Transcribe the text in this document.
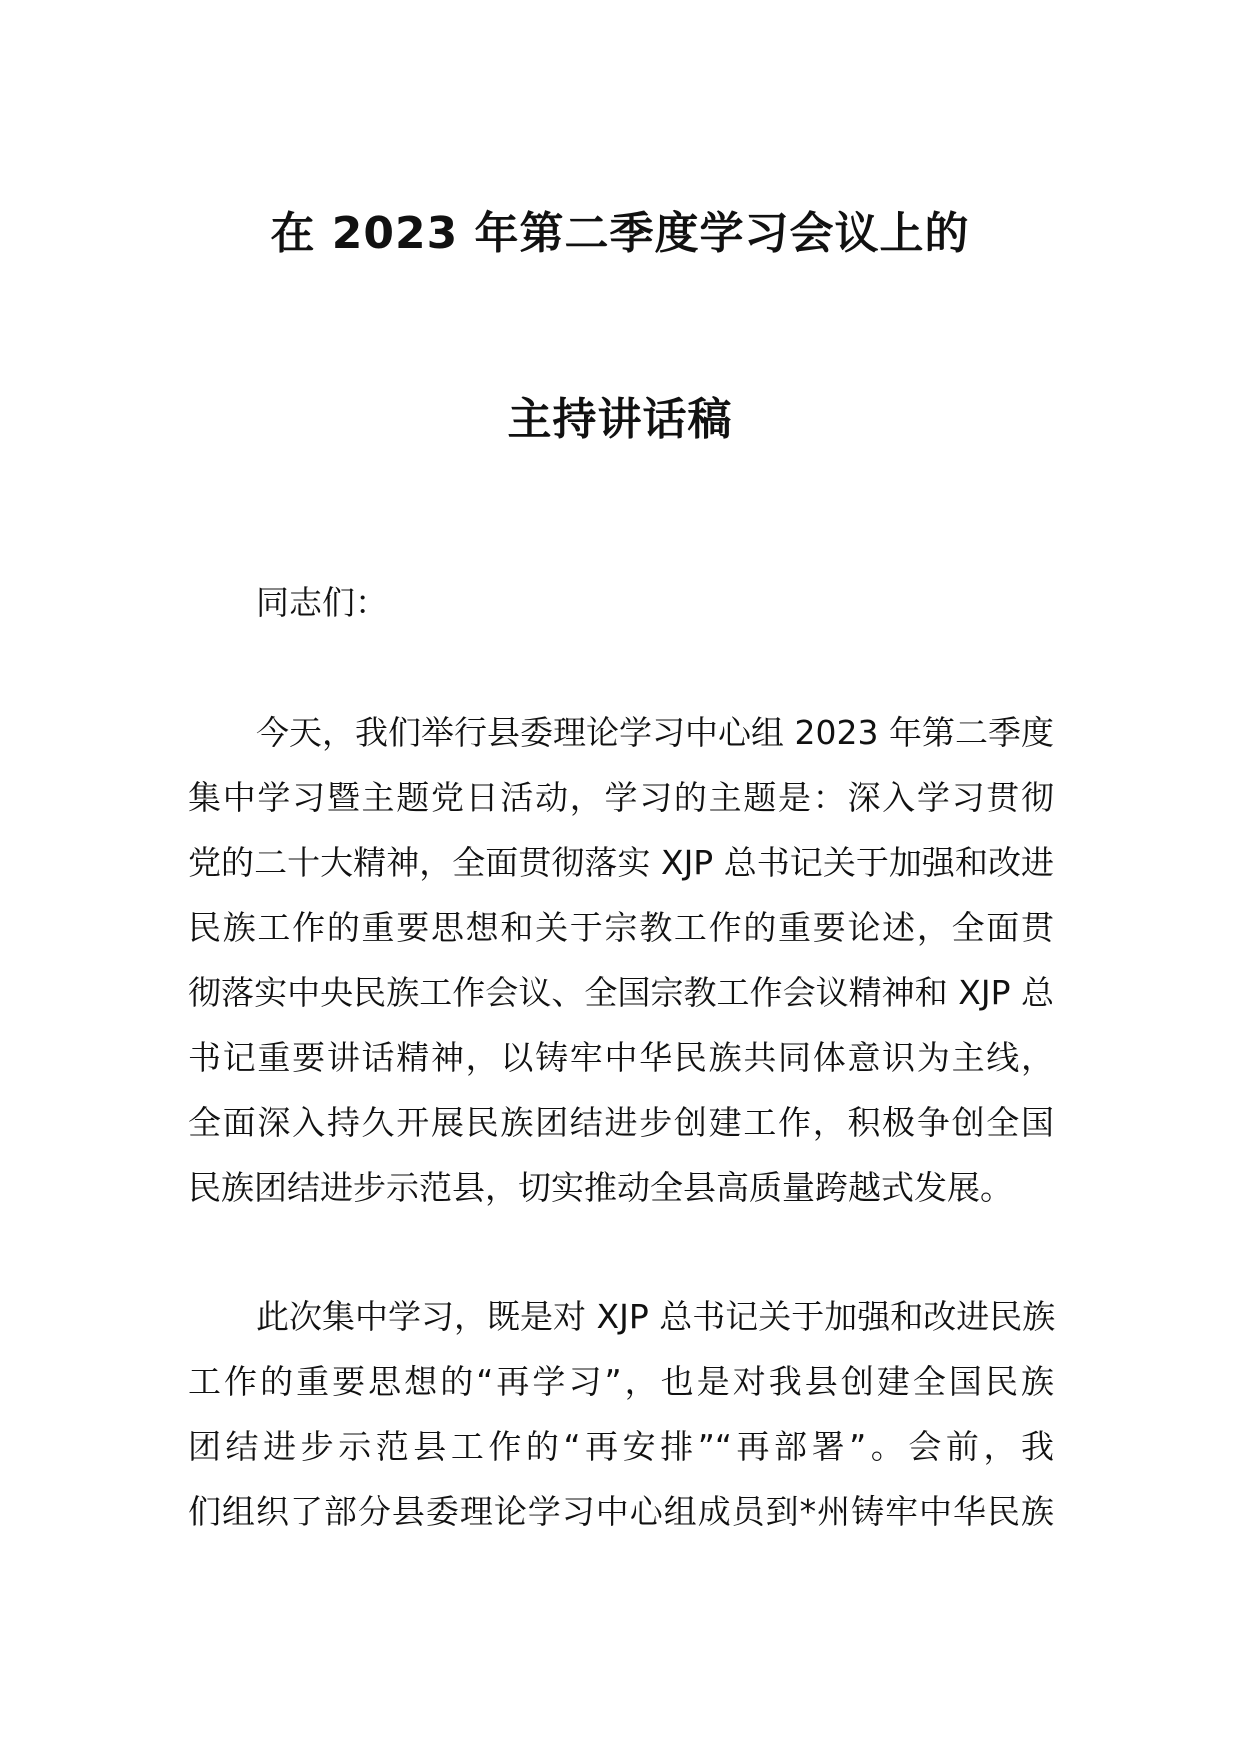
在 2023 年第二季度学习会议上的
主持讲话稿
同志们：
今天，我们举行县委理论学习中心组 2023 年第二季度
集中学习暨主题党日活动，学习的主题是：深入学习贯彻
党的二十大精神，全面贯彻落实 XJP 总书记关于加强和改进
民族工作的重要思想和关于宗教工作的重要论述，全面贯
彻落实中央民族工作会议、全国宗教工作会议精神和 XJP 总
书记重要讲话精神，以铸牢中华民族共同体意识为主线，
全面深入持久开展民族团结进步创建工作，积极争创全国
民族团结进步示范县，切实推动全县高质量跨越式发展。
此次集中学习，既是对 XJP 总书记关于加强和改进民族
工作的重要思想的“再学习”，也是对我县创建全国民族
团结进步示范县工作的“再安排”“再部署”。会前，我
们组织了部分县委理论学习中心组成员到*州铸牢中华民族
